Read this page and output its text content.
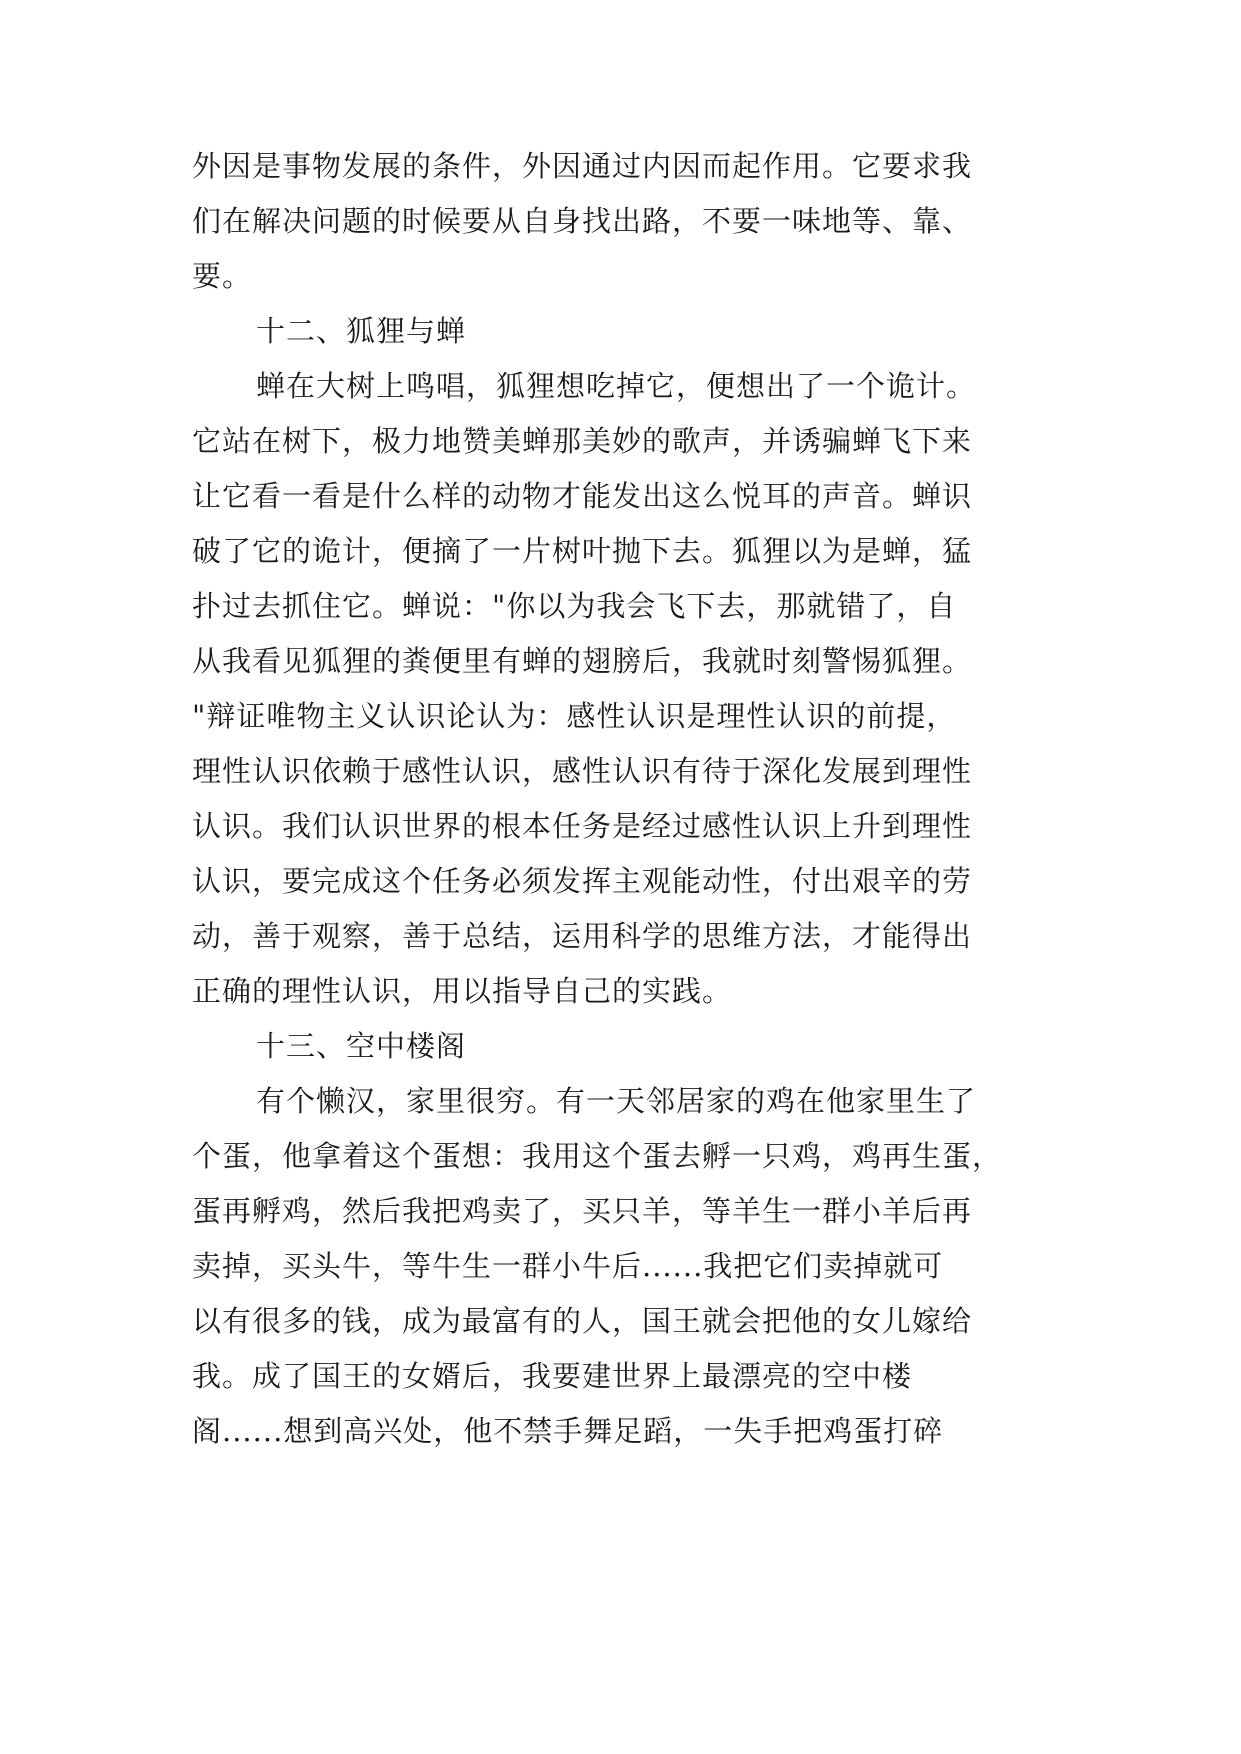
外因是事物发展的条件，外因通过内因而起作用。它要求我
们在解决问题的时候要从自身找出路，不要一味地等、靠、
要。
十二、狐狸与蝉
蝉在大树上鸣唱，狐狸想吃掉它，便想出了一个诡计。
它站在树下，极力地赞美蝉那美妙的歌声，并诱骗蝉飞下来
让它看一看是什么样的动物才能发出这么悦耳的声音。蝉识
破了它的诡计，便摘了一片树叶抛下去。狐狸以为是蝉，猛
扑过去抓住它。蝉说："你以为我会飞下去，那就错了，自
从我看见狐狸的粪便里有蝉的翅膀后，我就时刻警惕狐狸。
"辩证唯物主义认识论认为：感性认识是理性认识的前提，
理性认识依赖于感性认识，感性认识有待于深化发展到理性
认识。我们认识世界的根本任务是经过感性认识上升到理性
认识，要完成这个任务必须发挥主观能动性，付出艰辛的劳
动，善于观察，善于总结，运用科学的思维方法，才能得出
正确的理性认识，用以指导自己的实践。
十三、空中楼阁
有个懒汉，家里很穷。有一天邻居家的鸡在他家里生了
个蛋，他拿着这个蛋想：我用这个蛋去孵一只鸡，鸡再生蛋，
蛋再孵鸡，然后我把鸡卖了，买只羊，等羊生一群小羊后再
卖掉，买头牛，等牛生一群小牛后......我把它们卖掉就可
以有很多的钱，成为最富有的人，国王就会把他的女儿嫁给
我。成了国王的女婿后，我要建世界上最漂亮的空中楼
阁......想到高兴处，他不禁手舞足蹈，一失手把鸡蛋打碎
